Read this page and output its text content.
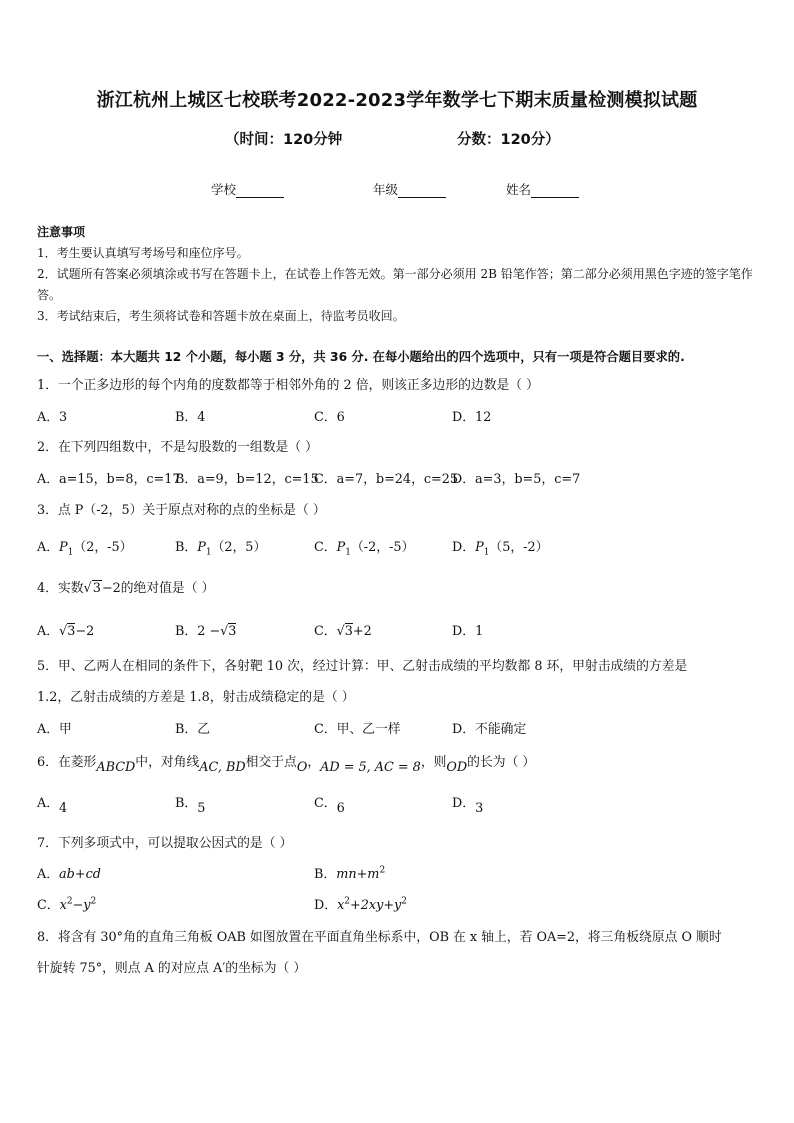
浙江杭州上城区七校联考2022-2023学年数学七下期末质量检测模拟试题
（时间：120分钟	分数：120分）
学校	年级	姓名

注意事项

1．考生要认真填写考场号和座位序号。

2．试题所有答案必须填涂或书写在答题卡上，在试卷上作答无效。第一部分必须用 2B 铅笔作答；第二部分必须用黑色字迹的签字笔作答。

3．考试结束后，考生须将试卷和答题卡放在桌面上，待监考员收回。

一、选择题：本大题共 12 个小题，每小题 3 分，共 36 分. 在每小题给出的四个选项中，只有一项是符合题目要求的.
1．一个正多边形的每个内角的度数都等于相邻外角的 2 倍，则该正多边形的边数是（ ）
A．3	B．4	C．6	D．12
2．在下列四组数中，不是勾股数的一组数是（ ）
A．a=15，b=8，c=17
B．a=9，b=12，c=15
C．a=7，b=24，c=25
D．a=3，b=5，c=7
3．点 P（-2，5）关于原点对称的点的坐标是（ ）
A．$P_1(2$，-5）	B．$P_1(2$，5）	C．$P_1(-2$，-5）	D．$P_1(5$，-2）
4．实数√3−2的绝对值是（ ）
A．√3−2	B．2 −√3	C．√3+2	D．1
5．甲、乙两人在相同的条件下，各射靶 10 次，经过计算：甲、乙射击成绩的平均数都 8 环，甲射击成绩的方差是
1.2，乙射击成绩的方差是 1.8，射击成绩稳定的是（ ）
A．甲	B．乙	C．甲、乙一样	D．不能确定
6．在菱形ABCD中，对角线AC, BD相交于点O，AD = 5, AC = 8，则OD的长为（ ）
A．4	B．5	C．6	D．3
7．下列多项式中，可以提取公因式的是（ ）
A．ab+cd	B．$mn+m^2$
C．$x^2-y^2$	D．$x^2+2xy+y^2$
8．将含有 30°角的直角三角板 OAB 如图放置在平面直角坐标系中，OB 在 x 轴上，若 OA=2，将三角板绕原点 O 顺时
针旋转 75°，则点 A 的对应点 A′的坐标为（ ）
